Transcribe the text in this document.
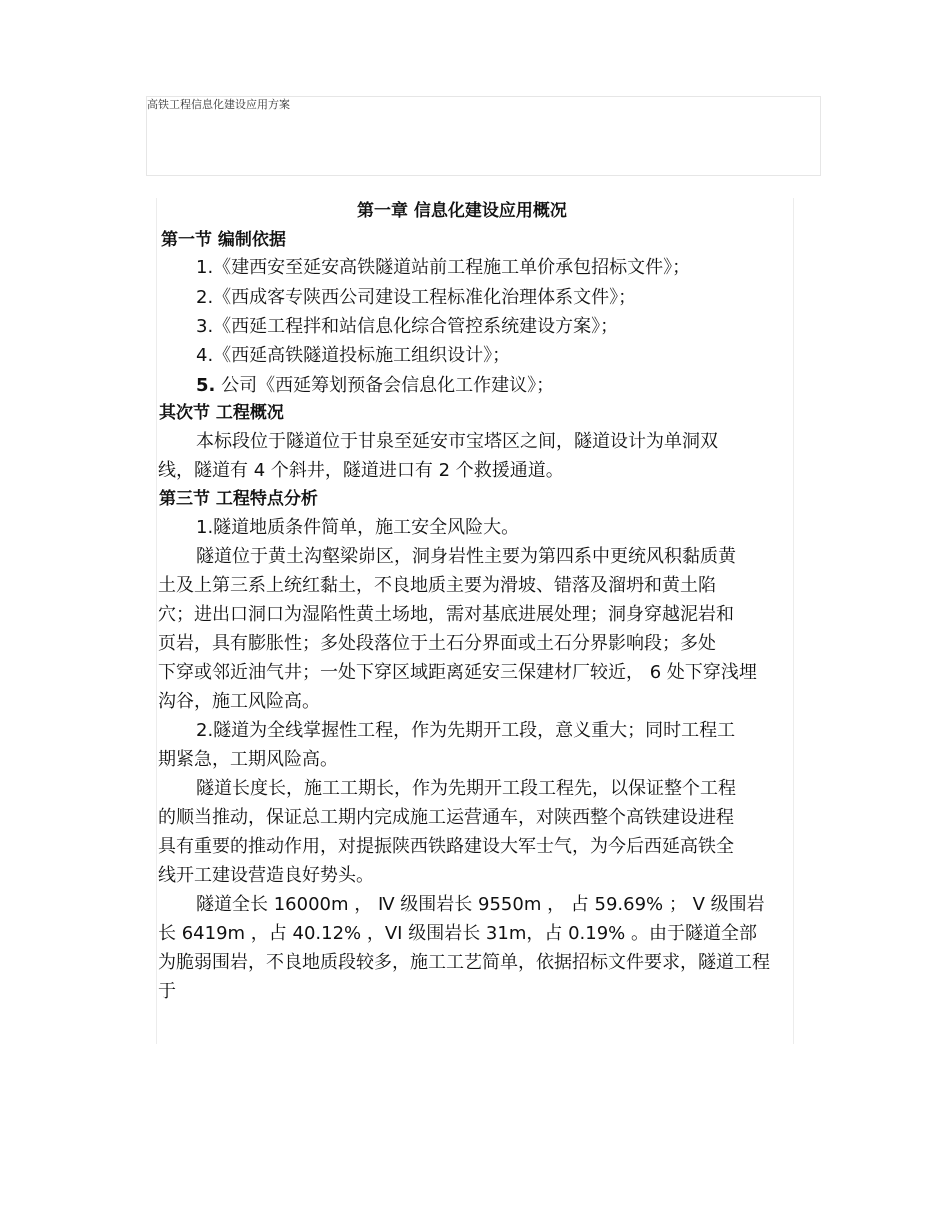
高铁工程信息化建设应用方案
第一章 信息化建设应用概况
第一节 编制依据
1.《建西安至延安高铁隧道站前工程施工单价承包招标文件》；
2.《西成客专陕西公司建设工程标准化治理体系文件》；
3.《西延工程拌和站信息化综合管控系统建设方案》；
4.《西延高铁隧道投标施工组织设计》；
5. 公司《西延筹划预备会信息化工作建议》；
其次节 工程概况
本标段位于隧道位于甘泉至延安市宝塔区之间，隧道设计为单洞双
线，隧道有 4 个斜井，隧道进口有 2 个救援通道。
第三节 工程特点分析
1.隧道地质条件简单，施工安全风险大。
隧道位于黄土沟壑梁峁区，洞身岩性主要为第四系中更统风积黏质黄
土及上第三系上统红黏土，不良地质主要为滑坡、错落及溜坍和黄土陷
穴；进出口洞口为湿陷性黄土场地，需对基底进展处理；洞身穿越泥岩和
页岩，具有膨胀性；多处段落位于土石分界面或土石分界影响段；多处
下穿或邻近油气井；一处下穿区域距离延安三保建材厂较近， 6 处下穿浅埋
沟谷，施工风险高。
2.隧道为全线掌握性工程，作为先期开工段，意义重大；同时工程工
期紧急，工期风险高。
隧道长度长，施工工期长，作为先期开工段工程先，以保证整个工程
的顺当推动，保证总工期内完成施工运营通车，对陕西整个高铁建设进程
具有重要的推动作用，对提振陕西铁路建设大军士气，为今后西延高铁全
线开工建设营造良好势头。
隧道全长 16000m ， Ⅳ 级围岩长 9550m ， 占 59.69% ； V 级围岩
长 6419m ，占 40.12% ，VI 级围岩长 31m，占 0.19% 。由于隧道全部
为脆弱围岩，不良地质段较多，施工工艺简单，依据招标文件要求，隧道工程
于
